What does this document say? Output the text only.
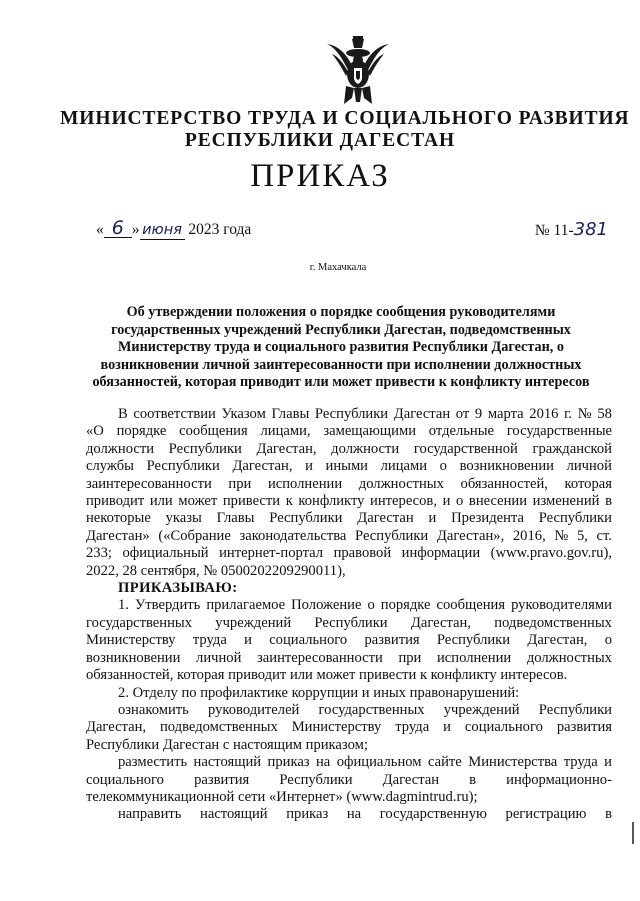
МИНИСТЕРСТВО ТРУДА И СОЦИАЛЬНОГО РАЗВИТИЯ
РЕСПУБЛИКИ ДАГЕСТАН
ПРИКАЗ
« 6 » июня 2023 года	№ 11-381
г. Махачкала
Об утверждении положения о порядке сообщения руководителями
государственных учреждений Республики Дагестан, подведомственных
Министерству труда и социального развития Республики Дагестан, о
возникновении личной заинтересованности при исполнении должностных
обязанностей, которая приводит или может привести к конфликту интересов
В соответствии Указом Главы Республики Дагестан от 9 марта 2016 г. № 58
«О порядке сообщения лицами, замещающими отдельные государственные
должности Республики Дагестан, должности государственной гражданской
службы Республики Дагестан, и иными лицами о возникновении личной
заинтересованности при исполнении должностных обязанностей, которая
приводит или может привести к конфликту интересов, и о внесении изменений в
некоторые указы Главы Республики Дагестан и Президента Республики
Дагестан» («Собрание законодательства Республики Дагестан», 2016, № 5, ст.
233; официальный интернет-портал правовой информации (www.pravo.gov.ru),
2022, 28 сентября, № 0500202209290011),
ПРИКАЗЫВАЮ:
1. Утвердить прилагаемое Положение о порядке сообщения руководителями
государственных учреждений Республики Дагестан, подведомственных
Министерству труда и социального развития Республики Дагестан, о
возникновении личной заинтересованности при исполнении должностных
обязанностей, которая приводит или может привести к конфликту интересов.
2. Отделу по профилактике коррупции и иных правонарушений:
ознакомить руководителей государственных учреждений Республики
Дагестан, подведомственных Министерству труда и социального развития
Республики Дагестан с настоящим приказом;
разместить настоящий приказ на официальном сайте Министерства труда и
социального развития Республики Дагестан в информационно-
телекоммуникационной сети «Интернет» (www.dagmintrud.ru);
направить настоящий приказ на государственную регистрацию в
